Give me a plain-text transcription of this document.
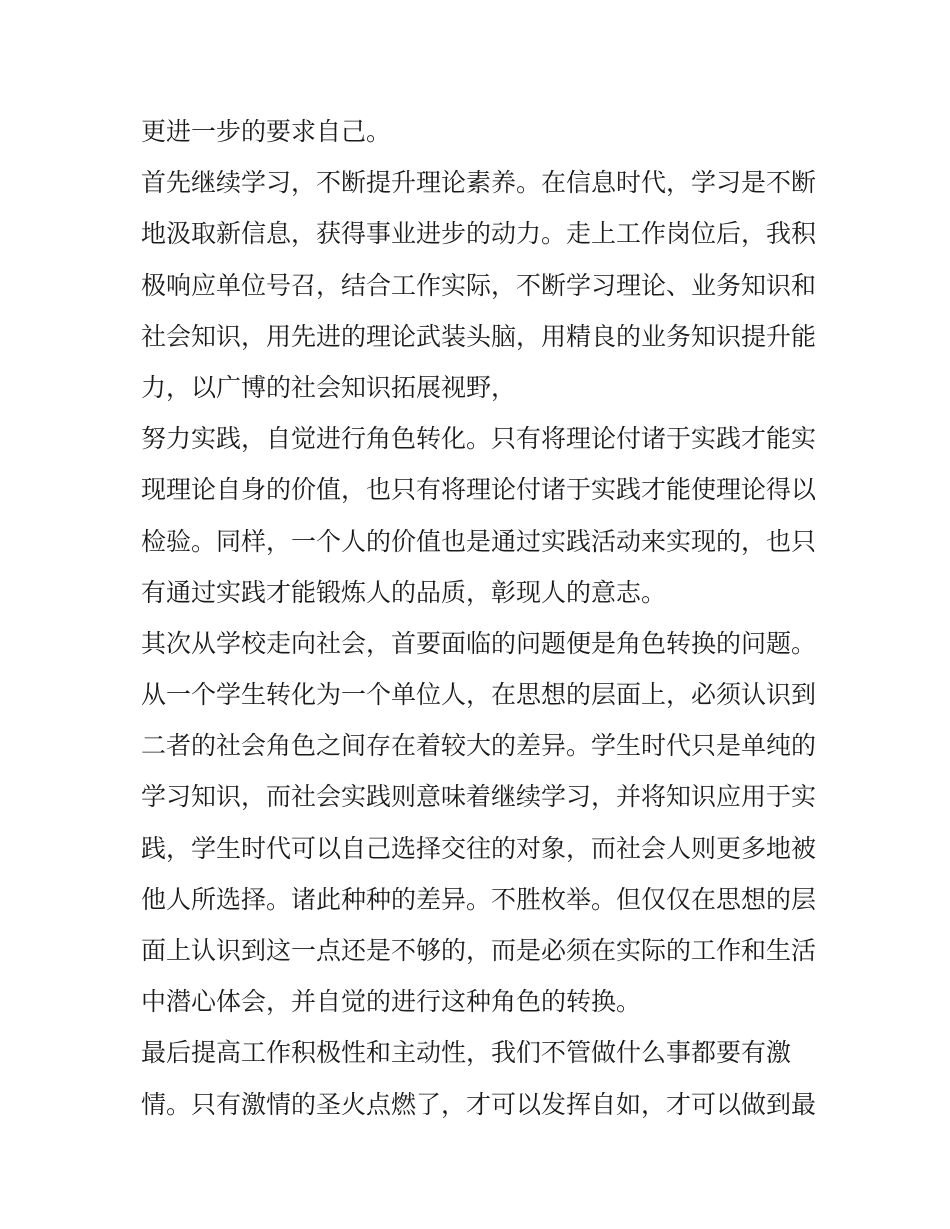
更进一步的要求自己。
首先继续学习，不断提升理论素养。在信息时代，学习是不断
地汲取新信息，获得事业进步的动力。走上工作岗位后，我积
极响应单位号召，结合工作实际，不断学习理论、业务知识和
社会知识，用先进的理论武装头脑，用精良的业务知识提升能
力，以广博的社会知识拓展视野，
努力实践，自觉进行角色转化。只有将理论付诸于实践才能实
现理论自身的价值，也只有将理论付诸于实践才能使理论得以
检验。同样，一个人的价值也是通过实践活动来实现的，也只
有通过实践才能锻炼人的品质，彰现人的意志。
其次从学校走向社会，首要面临的问题便是角色转换的问题。
从一个学生转化为一个单位人，在思想的层面上，必须认识到
二者的社会角色之间存在着较大的差异。学生时代只是单纯的
学习知识，而社会实践则意味着继续学习，并将知识应用于实
践，学生时代可以自己选择交往的对象，而社会人则更多地被
他人所选择。诸此种种的差异。不胜枚举。但仅仅在思想的层
面上认识到这一点还是不够的，而是必须在实际的工作和生活
中潜心体会，并自觉的进行这种角色的转换。
最后提高工作积极性和主动性，我们不管做什么事都要有激
情。只有激情的圣火点燃了，才可以发挥自如，才可以做到最
